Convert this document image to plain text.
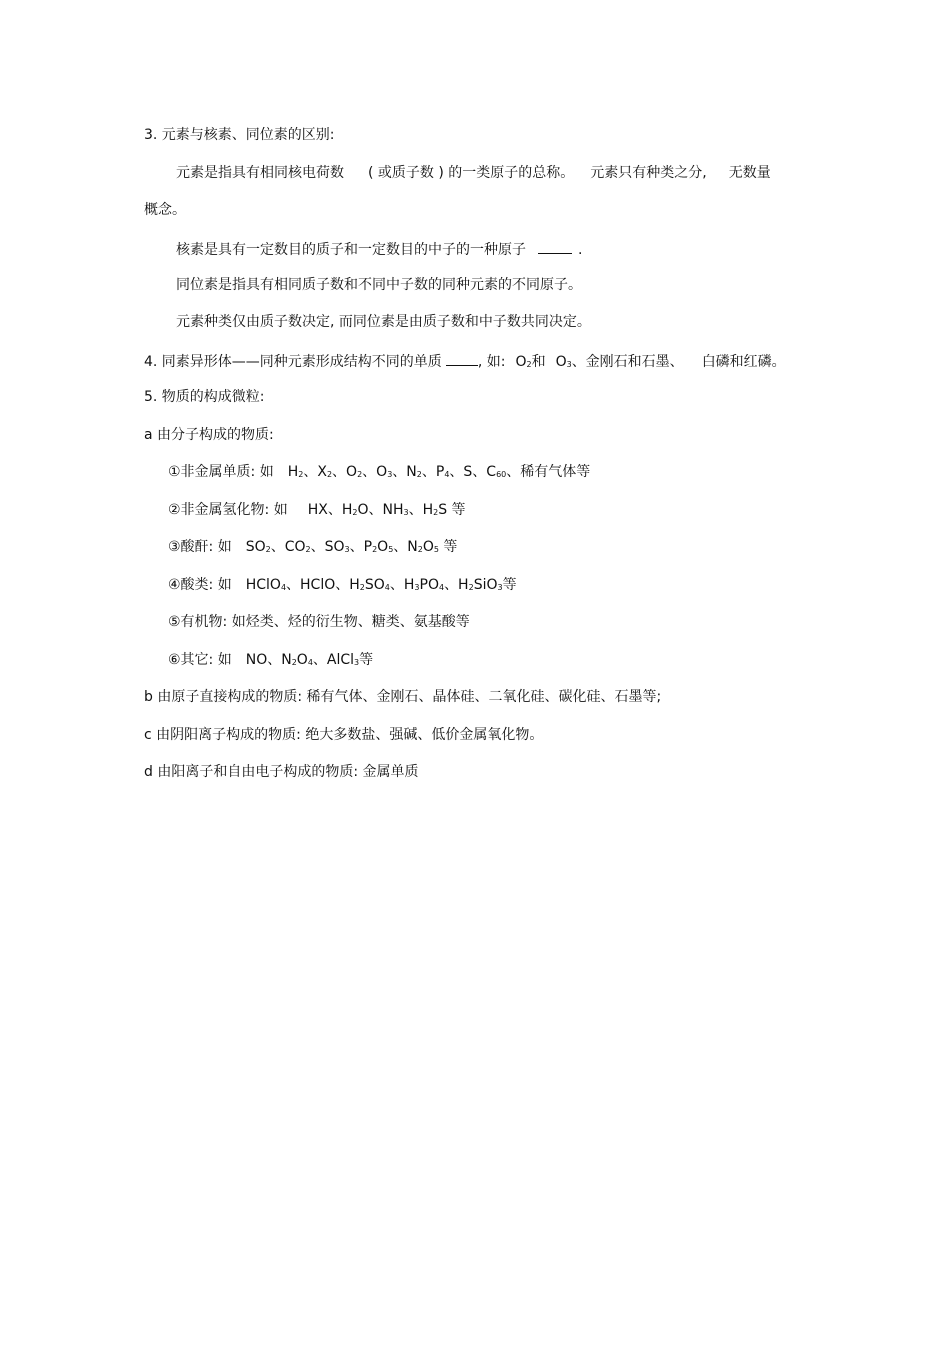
3. 元素与核素、同位素的区别:
元素是指具有相同核电荷数 ( 或质子数 ) 的一类原子的总称。 元素只有种类之分, 无数量
概念。
核素是具有一定数目的质子和一定数目的中子的一种原子	.
同位素是指具有相同质子数和不同中子数的同种元素的不同原子。
元素种类仅由质子数决定, 而同位素是由质子数和中子数共同决定。
4. 同素异形体——同种元素形成结构不同的单质	, 如: $O_2$和 $O_3$、金刚石和石墨、 白磷和红磷。
5. 物质的构成微粒:
a 由分子构成的物质:
①非金属单质: 如 $H_2$、$X_2$、$O_2$、$O_3$、$N_2$、$P_4$、S、$C_{60}$、稀有气体等
②非金属氢化物: 如 HX、$H_2O$、$NH_3$、$H_2S$ 等
③酸酐: 如 $SO_2$、$CO_2$、$SO_3$、$P_2O_5$、$N_2O_5$ 等
④酸类: 如 HClO$_4$、HClO、$H_2SO_4$、$H_3PO_4$、$H_2SiO_3$等
⑤有机物: 如烃类、烃的衍生物、糖类、氨基酸等
⑥其它: 如 NO、$N_2O_4$、AlCl$_3$等
b 由原子直接构成的物质: 稀有气体、金刚石、晶体硅、二氧化硅、碳化硅、石墨等;
c 由阴阳离子构成的物质: 绝大多数盐、强碱、低价金属氧化物。
d 由阳离子和自由电子构成的物质: 金属单质
